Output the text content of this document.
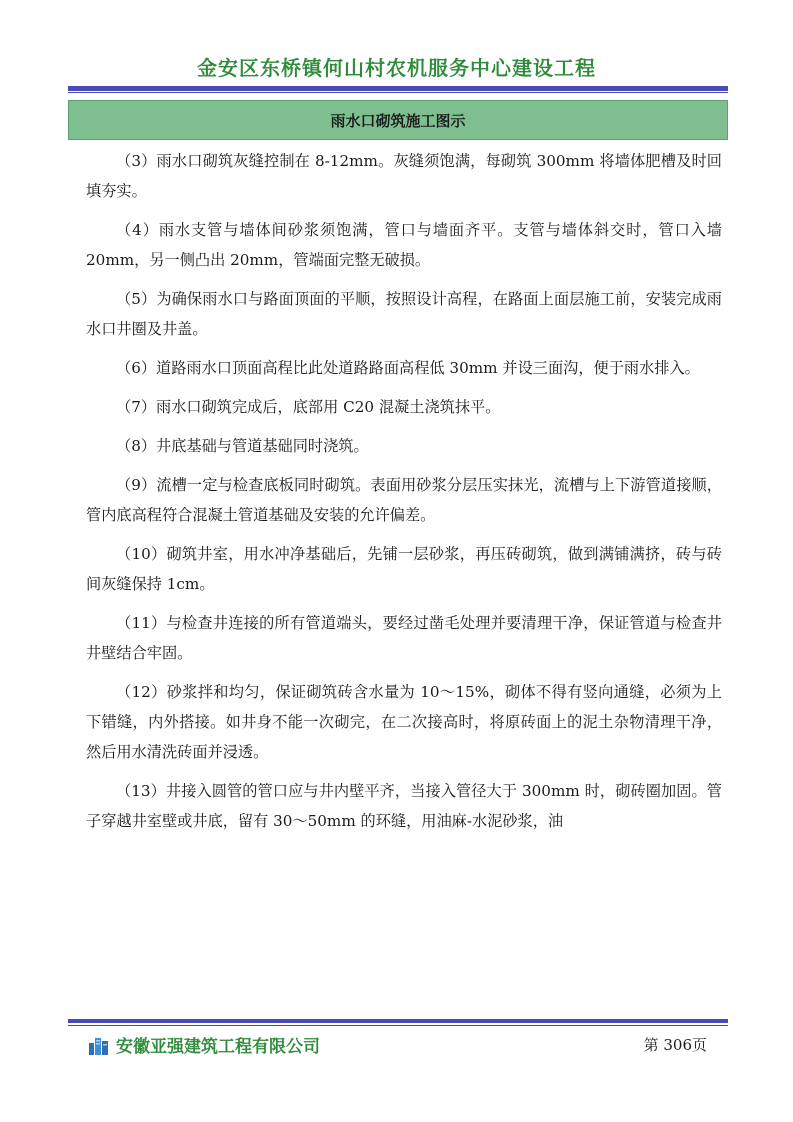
金安区东桥镇何山村农机服务中心建设工程
雨水口砌筑施工图示

（3）雨水口砌筑灰缝控制在 8-12mm。灰缝须饱满，每砌筑 300mm 将墙体肥槽及时回填夯实。

（4）雨水支管与墙体间砂浆须饱满，管口与墙面齐平。支管与墙体斜交时，管口入墙 20mm，另一侧凸出 20mm，管端面完整无破损。

（5）为确保雨水口与路面顶面的平顺，按照设计高程，在路面上面层施工前，安装完成雨水口井圈及井盖。

（6）道路雨水口顶面高程比此处道路路面高程低 30mm 并设三面沟，便于雨水排入。

（7）雨水口砌筑完成后，底部用 C20 混凝土浇筑抹平。

（8）井底基础与管道基础同时浇筑。

（9）流槽一定与检查底板同时砌筑。表面用砂浆分层压实抹光，流槽与上下游管道接顺，管内底高程符合混凝土管道基础及安装的允许偏差。

（10）砌筑井室，用水冲净基础后，先铺一层砂浆，再压砖砌筑，做到满铺满挤，砖与砖间灰缝保持 1cm。

（11）与检查井连接的所有管道端头，要经过凿毛处理并要清理干净，保证管道与检查井井壁结合牢固。

（12）砂浆拌和均匀，保证砌筑砖含水量为 10～15%，砌体不得有竖向通缝，必须为上下错缝，内外搭接。如井身不能一次砌完，在二次接高时，将原砖面上的泥土杂物清理干净，然后用水清洗砖面并浸透。

（13）井接入圆管的管口应与井内壁平齐，当接入管径大于 300mm 时，砌砖圈加固。管子穿越井室壁或井底，留有 30～50mm 的环缝，用油麻-水泥砂浆，油

安徽亚强建筑工程有限公司	第 306页
